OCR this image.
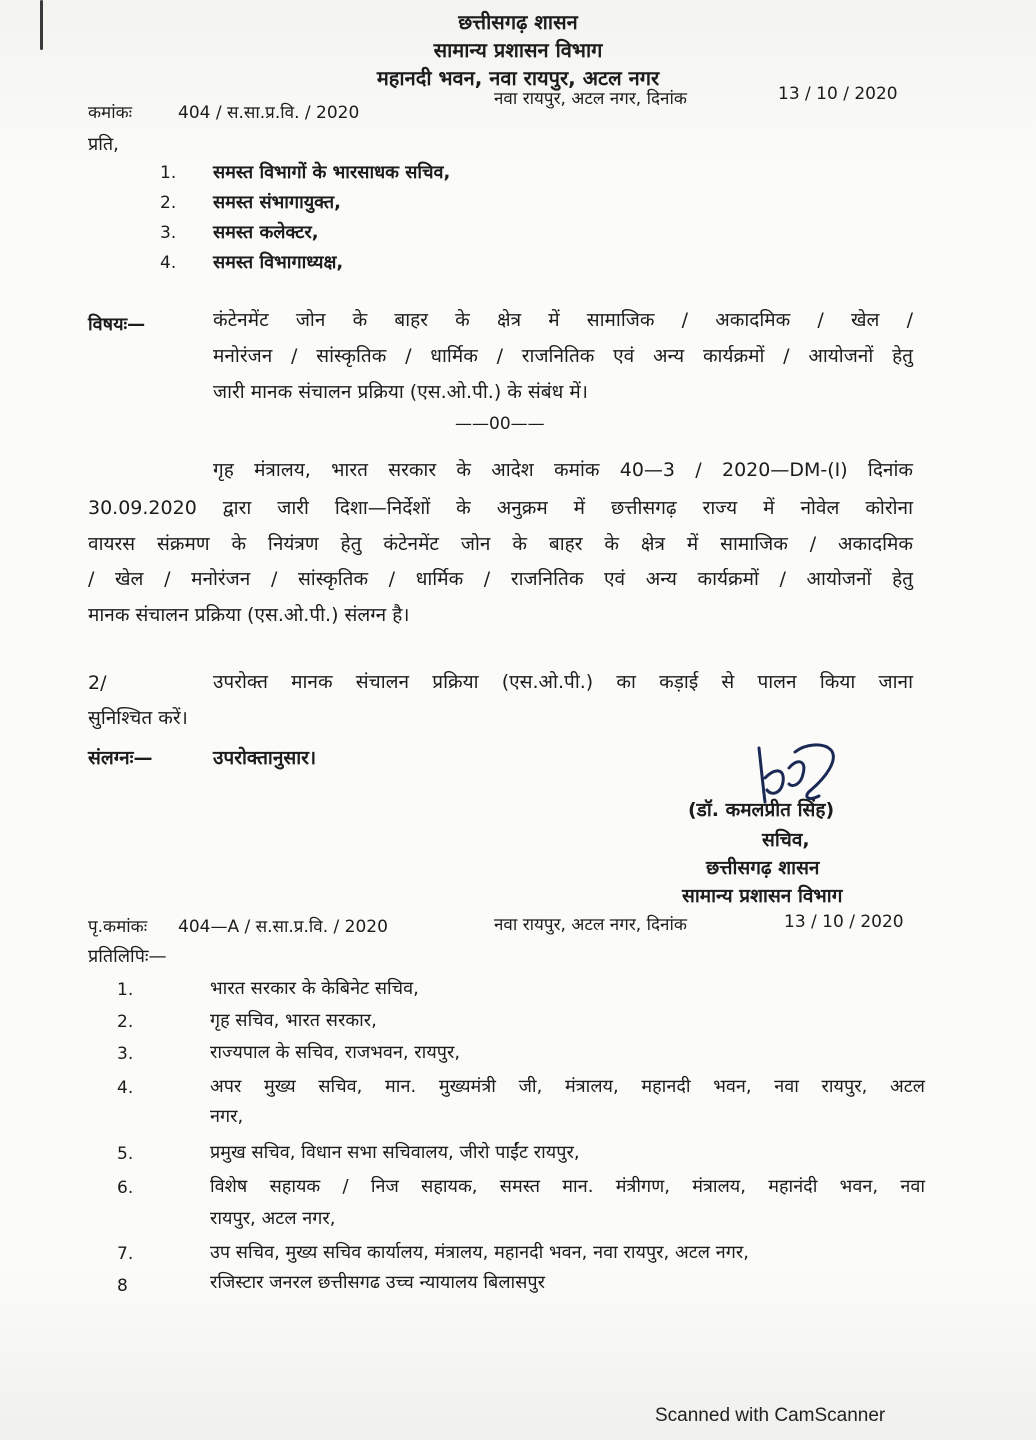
छत्तीसगढ़ शासन
सामान्य प्रशासन विभाग
महानदी भवन, नवा रायपुर, अटल नगर
कमांकः	404 / स.सा.प्र.वि. / 2020
नवा रायपुर, अटल नगर, दिनांक	13 / 10 / 2020
प्रति,
1. समस्त विभागों के भारसाधक सचिव,
2. समस्त संभागायुक्त,
3. समस्त कलेक्टर,
4. समस्त विभागाध्यक्ष,
विषयः—	कंटेनमेंट जोन के बाहर के क्षेत्र में सामाजिक / अकादमिक / खेल /
मनोरंजन / सांस्कृतिक / धार्मिक / राजनितिक एवं अन्य कार्यक्रमों / आयोजनों हेतु
जारी मानक संचालन प्रक्रिया (एस.ओ.पी.) के संबंध में।
——00——
गृह मंत्रालय, भारत सरकार के आदेश कमांक 40—3 / 2020—DM-(I) दिनांक
30.09.2020 द्वारा जारी दिशा—निर्देशों के अनुक्रम में छत्तीसगढ़ राज्य में नोवेल कोरोना
वायरस संक्रमण के नियंत्रण हेतु कंटेनमेंट जोन के बाहर के क्षेत्र में सामाजिक / अकादमिक
/ खेल / मनोरंजन / सांस्कृतिक / धार्मिक / राजनितिक एवं अन्य कार्यक्रमों / आयोजनों हेतु
मानक संचालन प्रक्रिया (एस.ओ.पी.) संलग्न है।
2/	उपरोक्त मानक संचालन प्रक्रिया (एस.ओ.पी.) का कड़ाई से पालन किया जाना
सुनिश्चित करें।
संलग्नः—	उपरोक्तानुसार।
(डॉ. कमलप्रीत सिंह)
सचिव,
छत्तीसगढ़ शासन
सामान्य प्रशासन विभाग
पृ.कमांकः 404—A / स.सा.प्र.वि. / 2020	नवा रायपुर, अटल नगर, दिनांक	13 / 10 / 2020
प्रतिलिपिः—
1.	भारत सरकार के केबिनेट सचिव,
2.	गृह सचिव, भारत सरकार,
3.	राज्यपाल के सचिव, राजभवन, रायपुर,
4.	अपर मुख्य सचिव, मान. मुख्यमंत्री जी, मंत्रालय, महानदी भवन, नवा रायपुर, अटल
नगर,
5.	प्रमुख सचिव, विधान सभा सचिवालय, जीरो पाईंट रायपुर,
6.	विशेष सहायक / निज सहायक, समस्त मान. मंत्रीगण, मंत्रालय, महानंदी भवन, नवा
रायपुर, अटल नगर,
7.	उप सचिव, मुख्य सचिव कार्यालय, मंत्रालय, महानदी भवन, नवा रायपुर, अटल नगर,
8	रजिस्टार जनरल छत्तीसगढ उच्च न्यायालय बिलासपुर
Scanned with CamScanner
